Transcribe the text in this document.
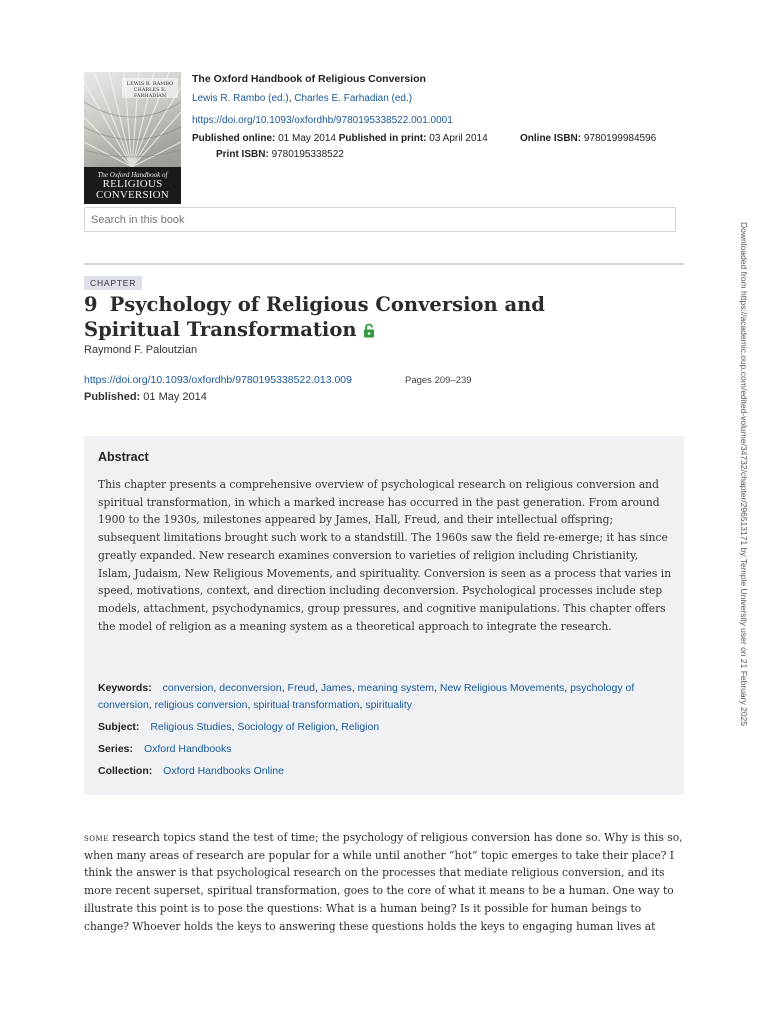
LEWIS R. RAMBO
CHARLES E. FARHADIAN
The Oxford Handbook of
RELIGIOUS
CONVERSION
The Oxford Handbook of Religious Conversion
Lewis R. Rambo (ed.), Charles E. Farhadian (ed.)
https://doi.org/10.1093/oxfordhb/9780195338522.001.0001
Published online: 01 May 2014 Published in print: 03 April 2014	Online ISBN: 9780199984596
Print ISBN: 9780195338522
Search in this book
CHAPTER
9 Psychology of Religious Conversion and Spiritual Transformation
Raymond F. Paloutzian
https://doi.org/10.1093/oxfordhb/9780195338522.013.009	Pages 209–239
Published: 01 May 2014
Abstract
This chapter presents a comprehensive overview of psychological research on religious conversion and spiritual transformation, in which a marked increase has occurred in the past generation. From around 1900 to the 1930s, milestones appeared by James, Hall, Freud, and their intellectual offspring; subsequent limitations brought such work to a standstill. The 1960s saw the field re-emerge; it has since greatly expanded. New research examines conversion to varieties of religion including Christianity, Islam, Judaism, New Religious Movements, and spirituality. Conversion is seen as a process that varies in speed, motivations, context, and direction including deconversion. Psychological processes include step models, attachment, psychodynamics, group pressures, and cognitive manipulations. This chapter offers the model of religion as a meaning system as a theoretical approach to integrate the research.
Keywords: conversion, deconversion, Freud, James, meaning system, New Religious Movements, psychology of conversion, religious conversion, spiritual transformation, spirituality
Subject: Religious Studies, Sociology of Religion, Religion
Series: Oxford Handbooks
Collection: Oxford Handbooks Online
some research topics stand the test of time; the psychology of religious conversion has done so. Why is this so, when many areas of research are popular for a while until another “hot” topic emerges to take their place? I think the answer is that psychological research on the processes that mediate religious conversion, and its more recent superset, spiritual transformation, goes to the core of what it means to be a human. One way to illustrate this point is to pose the questions: What is a human being? Is it possible for human beings to change? Whoever holds the keys to answering these questions holds the keys to engaging human lives at
Downloaded from https://academic.oup.com/edited-volume/34732/chapter/296513171 by Temple University user on 21 February 2025
